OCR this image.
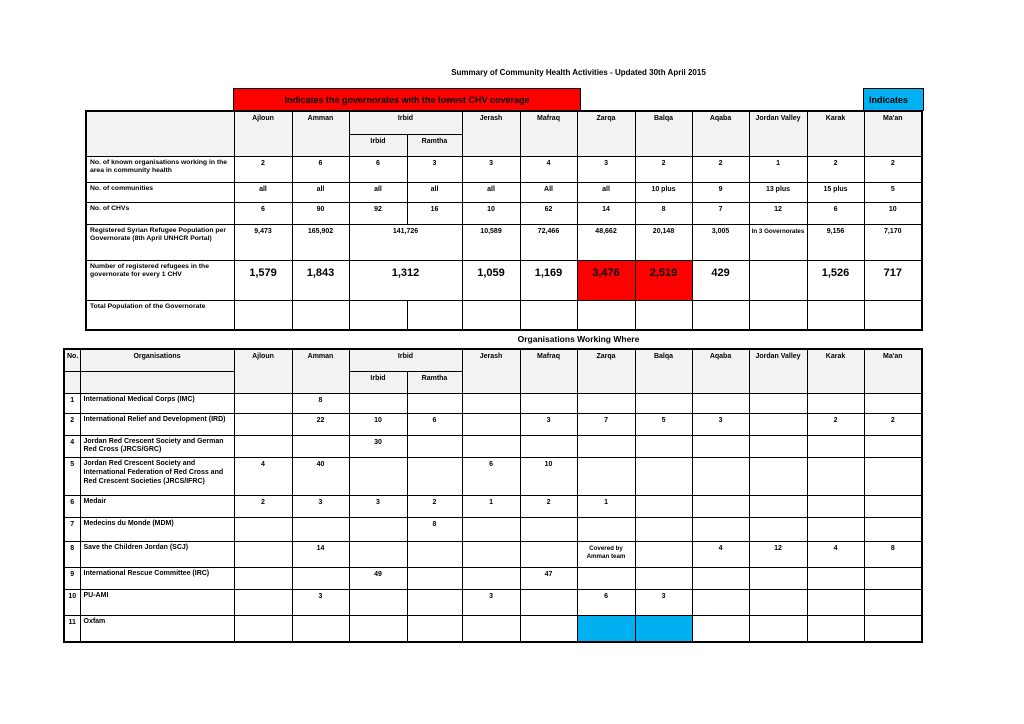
Summary of Community Health Activities - Updated 30th April 2015
Indicates the governorates with the lowest CHV coverage	Indicates
	Ajloun	Amman	Irbid		Jerash	Mafraq	Zarqa	Balqa	Aqaba	Jordan Valley	Karak	Ma'an
			Irbid	Ramtha								
No. of known organisations working in the area in community health	2	6	6	3	3	4	3	2	2	1	2	2
No. of communities	all	all	all	all	all	All	all	10 plus	9	13 plus	15 plus	5
No. of CHVs	6	90	92	16	10	62	14	8	7	12	6	10
Registered Syrian Refugee Population per Governorate (8th April UNHCR Portal)	9,473	165,902	141,726		10,589	72,466	48,662	20,148	3,005	In 3 Governorates	9,156	7,170
Number of registered refugees in the governorate for every 1 CHV	1,579	1,843	1,312		1,059	1,169	3,476	2,519	429		1,526	717
Total Population of the Governorate												
Organisations Working Where
No.	Organisations	Ajloun	Amman	Irbid		Jerash	Mafraq	Zarqa	Balqa	Aqaba	Jordan Valley	Karak	Ma'an
				Irbid	Ramtha								
1	International Medical Corps (IMC)		8										
2	International Relief and Development (IRD)		22	10	6		3	7	5	3		2	2
4	Jordan Red Crescent Society and German Red Cross (JRCS/GRC)			30									
5	Jordan Red Crescent Society and International Federation of Red Cross and Red Crescent Societies (JRCS/IFRC)	4	40			6	10						
6	Medair	2	3	3	2	1	2	1					
7	Medecins du Monde (MDM)				8								
8	Save the Children Jordan (SCJ)		14					Covered by Amman team		4	12	4	8
9	International Rescue Committee (IRC)			49			47						
10	PU-AMI		3			3		6	3				
11	Oxfam												
